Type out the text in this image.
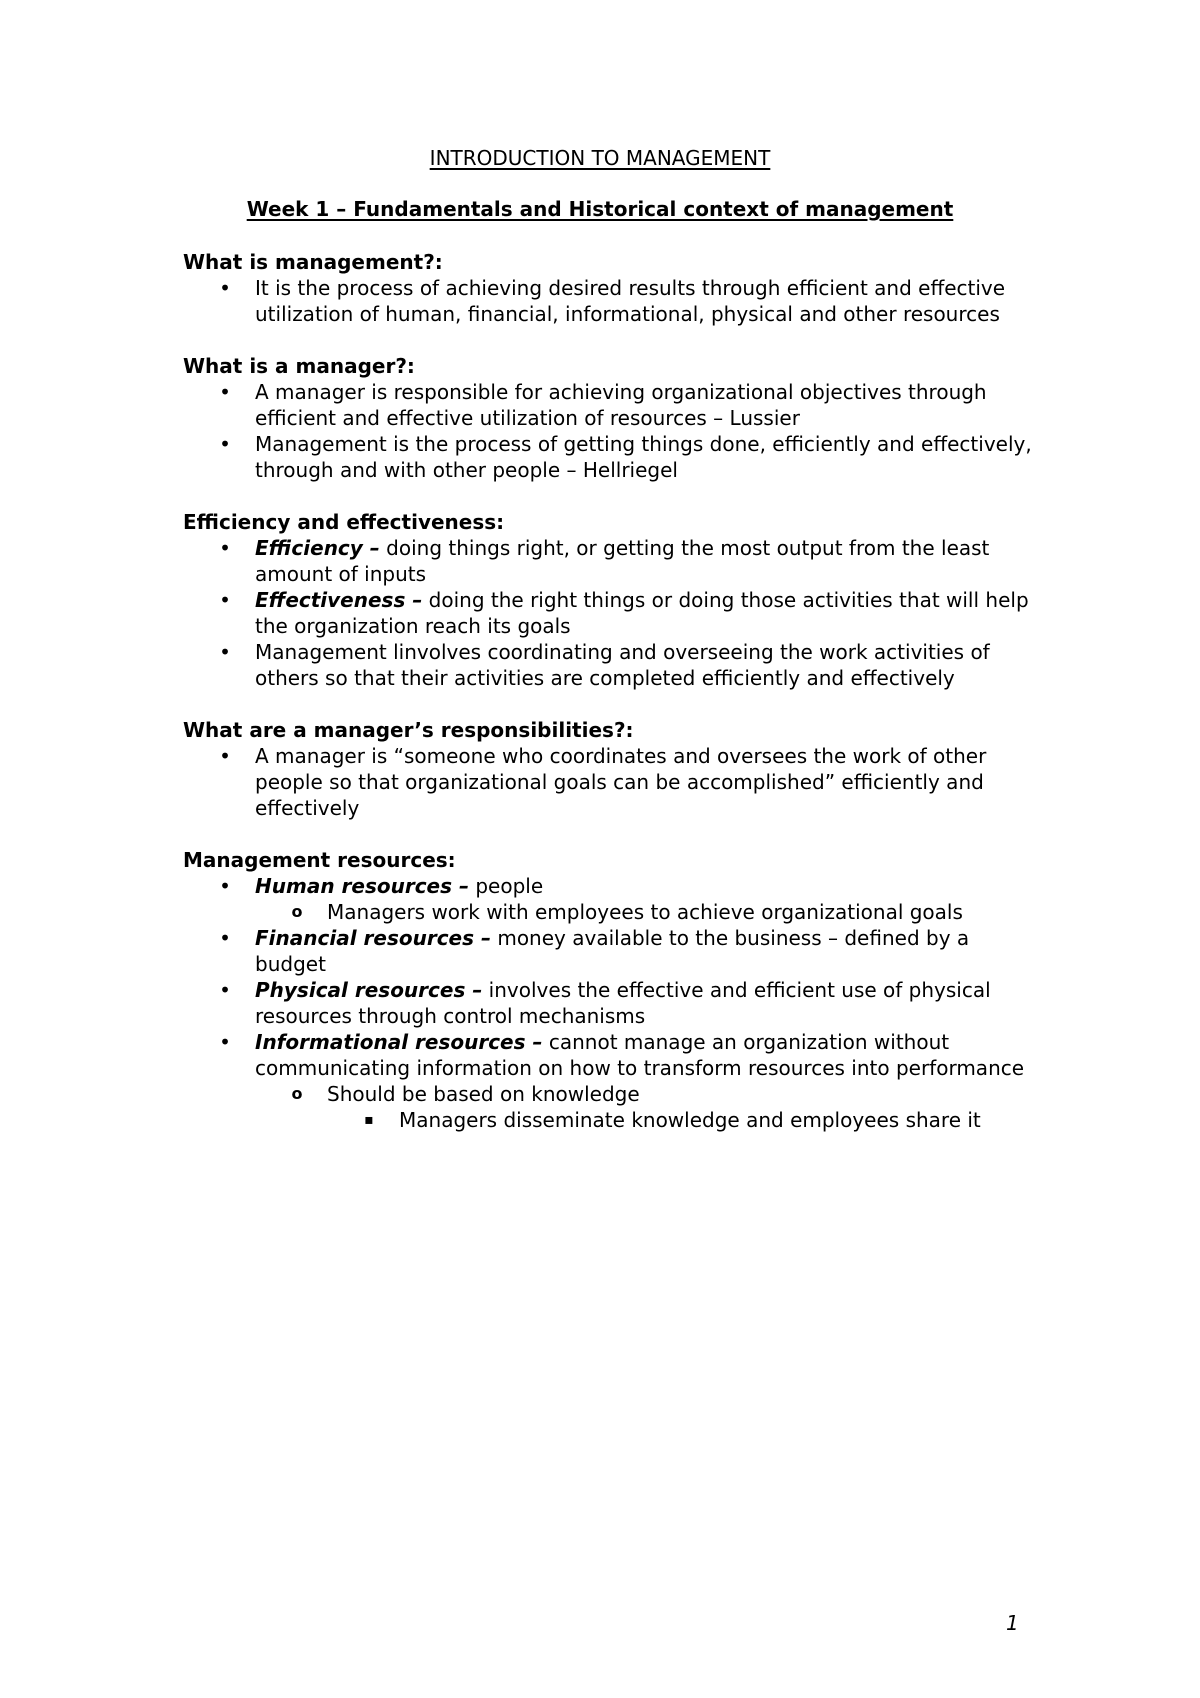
INTRODUCTION TO MANAGEMENT
Week 1 – Fundamentals and Historical context of management
What is management?:
• It is the process of achieving desired results through efficient and effective utilization of human, financial, informational, physical and other resources
What is a manager?:
• A manager is responsible for achieving organizational objectives through efficient and effective utilization of resources – Lussier
• Management is the process of getting things done, efficiently and effectively, through and with other people – Hellriegel
Efficiency and effectiveness:
• Efficiency – doing things right, or getting the most output from the least amount of inputs
• Effectiveness – doing the right things or doing those activities that will help the organization reach its goals
• Management linvolves coordinating and overseeing the work activities of others so that their activities are completed efficiently and effectively
What are a manager’s responsibilities?:
• A manager is “someone who coordinates and oversees the work of other people so that organizational goals can be accomplished” efficiently and effectively
Management resources:
• Human resources – people
o Managers work with employees to achieve organizational goals
• Financial resources – money available to the business – defined by a budget
• Physical resources – involves the effective and efficient use of physical resources through control mechanisms
• Informational resources – cannot manage an organization without communicating information on how to transform resources into performance
o Should be based on knowledge
▪ Managers disseminate knowledge and employees share it
1
